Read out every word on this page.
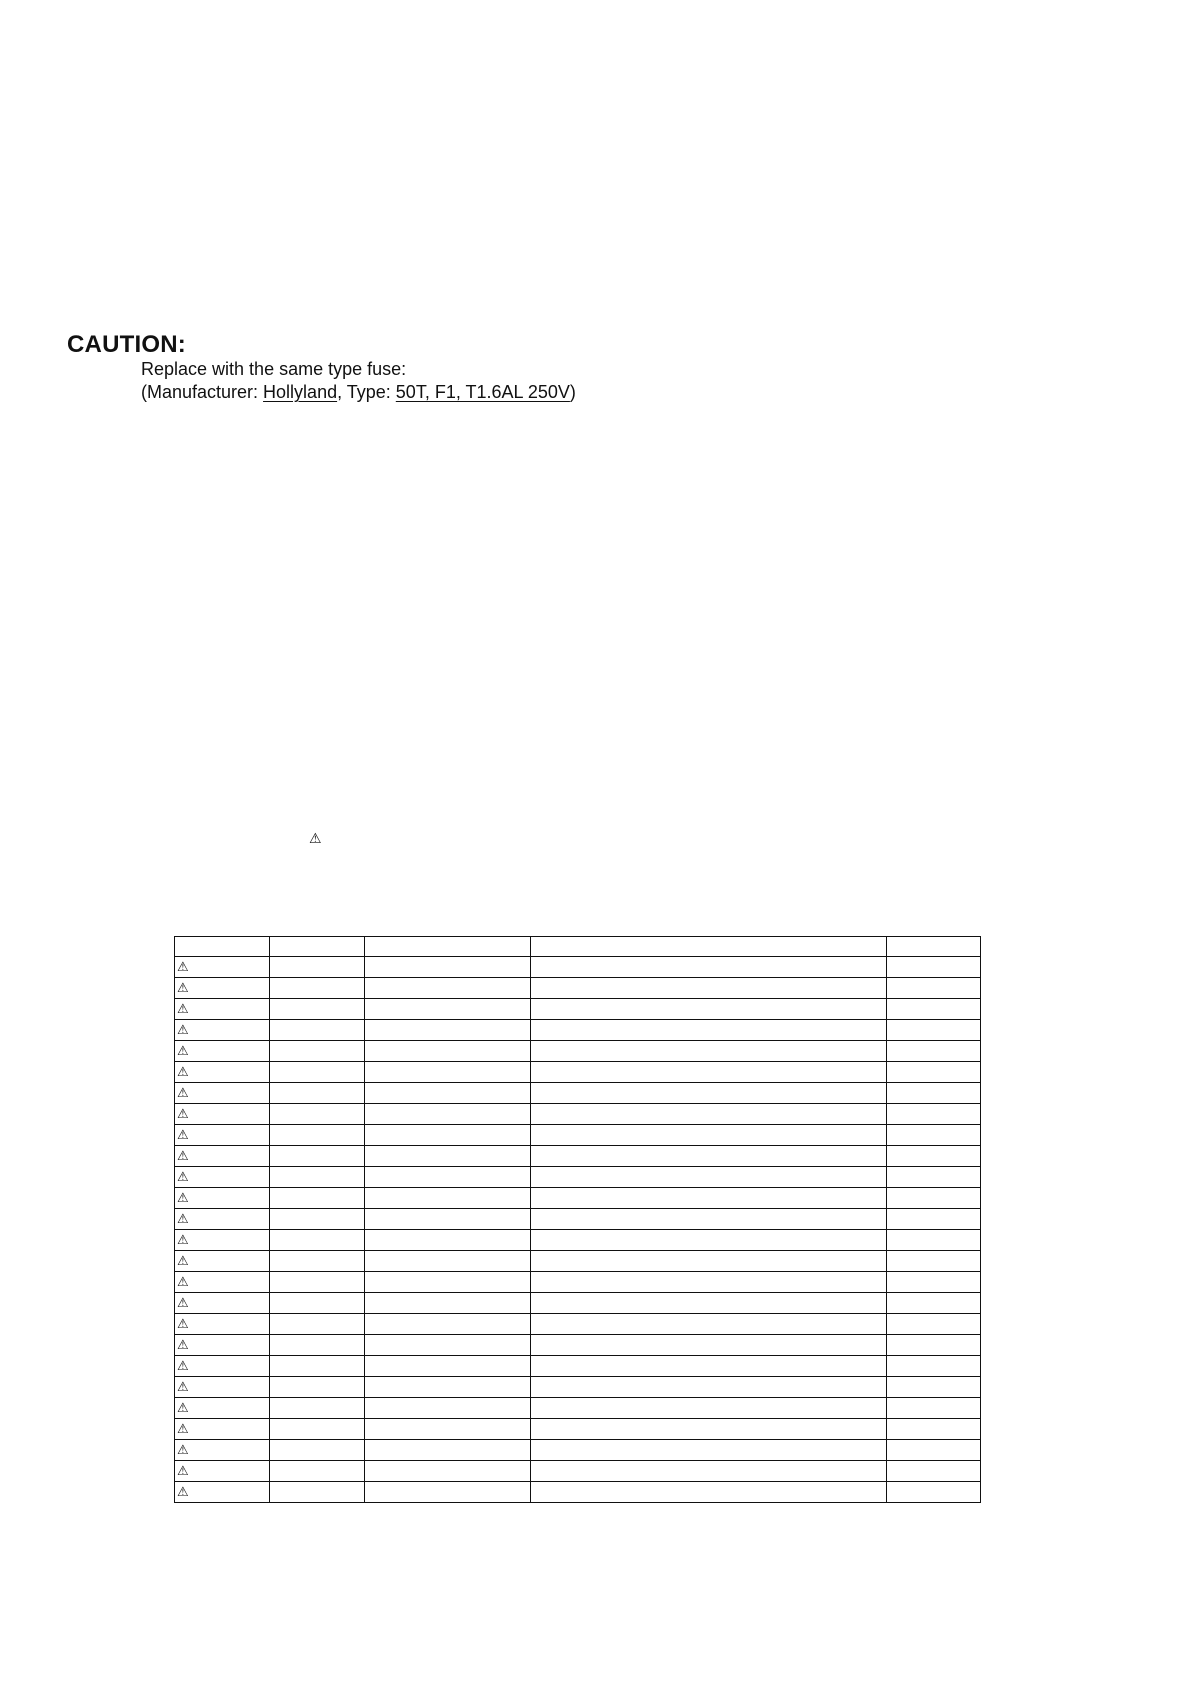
CAUTION:
Replace with the same type fuse:
(Manufacturer: Hollyland, Type: 50T, F1, T1.6AL 250V)
⚠

⚠				
⚠				
⚠				
⚠				
⚠				
⚠				
⚠				
⚠				
⚠				
⚠				
⚠				
⚠				
⚠				
⚠				
⚠				
⚠				
⚠				
⚠				
⚠				
⚠				
⚠				
⚠				
⚠				
⚠				
⚠				
⚠				
